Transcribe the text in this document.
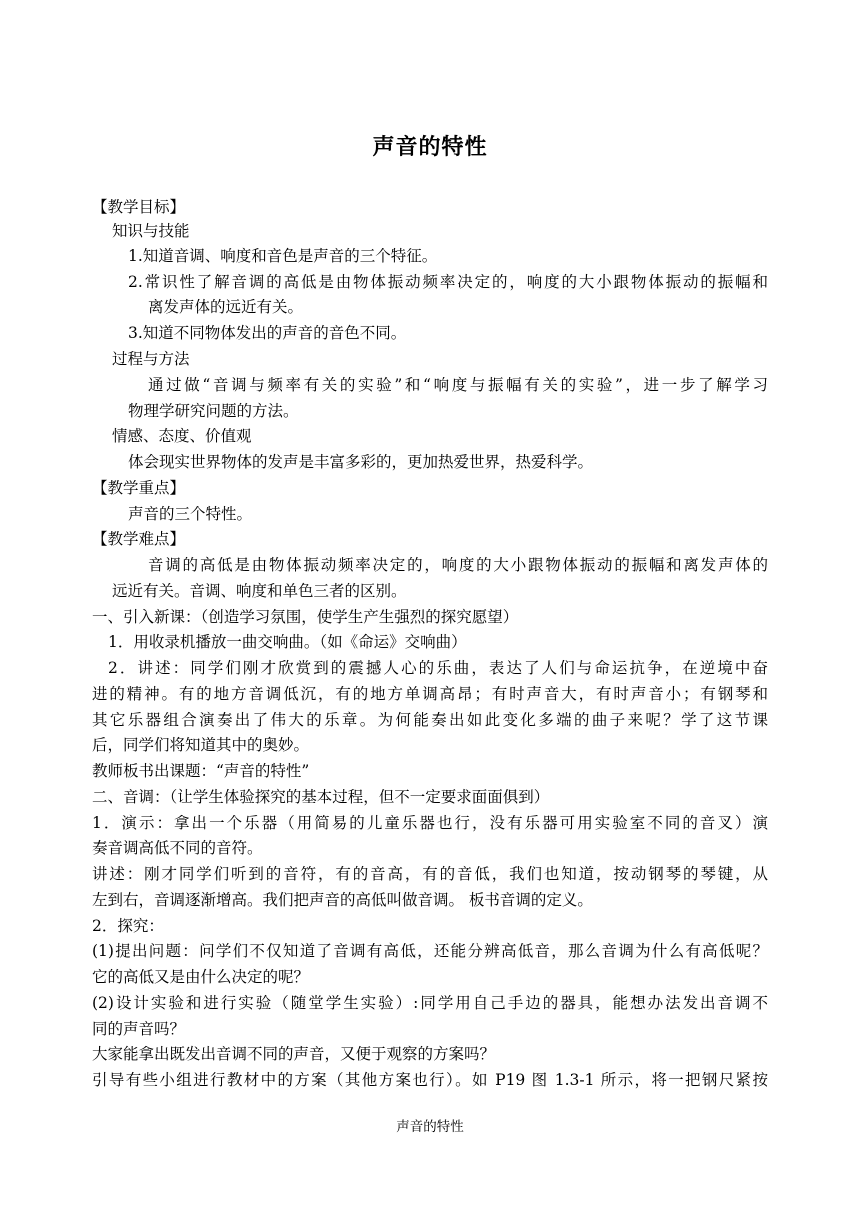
声音的特性
【教学目标】
知识与技能
1.知道音调、响度和音色是声音的三个特征。
2.常识性了解音调的高低是由物体振动频率决定的，响度的大小跟物体振动的振幅和
离发声体的远近有关。
3.知道不同物体发出的声音的音色不同。
过程与方法
通过做“音调与频率有关的实验”和“响度与振幅有关的实验”，进一步了解学习
物理学研究问题的方法。
情感、态度、价值观
体会现实世界物体的发声是丰富多彩的，更加热爱世界，热爱科学。
【教学重点】
声音的三个特性。
【教学难点】
音调的高低是由物体振动频率决定的，响度的大小跟物体振动的振幅和离发声体的
远近有关。音调、响度和单色三者的区别。
一、引入新课：（创造学习氛围，使学生产生强烈的探究愿望）
1．用收录机播放一曲交响曲。（如《命运》交响曲）
2．讲述：同学们刚才欣赏到的震撼人心的乐曲，表达了人们与命运抗争，在逆境中奋
进的精神。有的地方音调低沉，有的地方单调高昂；有时声音大，有时声音小；有钢琴和
其它乐器组合演奏出了伟大的乐章。为何能奏出如此变化多端的曲子来呢？学了这节课
后，同学们将知道其中的奥妙。
教师板书出课题：“声音的特性”
二、音调：（让学生体验探究的基本过程，但不一定要求面面俱到）
1．演示：拿出一个乐器（用简易的儿童乐器也行，没有乐器可用实验室不同的音叉）演
奏音调高低不同的音符。
讲述：刚才同学们听到的音符，有的音高，有的音低，我们也知道，按动钢琴的琴键，从
左到右，音调逐渐增高。我们把声音的高低叫做音调。 板书音调的定义。
2．探究：
(1)提出问题：问学们不仅知道了音调有高低，还能分辨高低音，那么音调为什么有高低呢？
它的高低又是由什么决定的呢？
(2)设计实验和进行实验（随堂学生实验）:同学用自己手边的器具，能想办法发出音调不
同的声音吗？
大家能拿出既发出音调不同的声音，又便于观察的方案吗？
引导有些小组进行教材中的方案（其他方案也行）。如 P19 图 1.3-1 所示，将一把钢尺紧按
声音的特性
